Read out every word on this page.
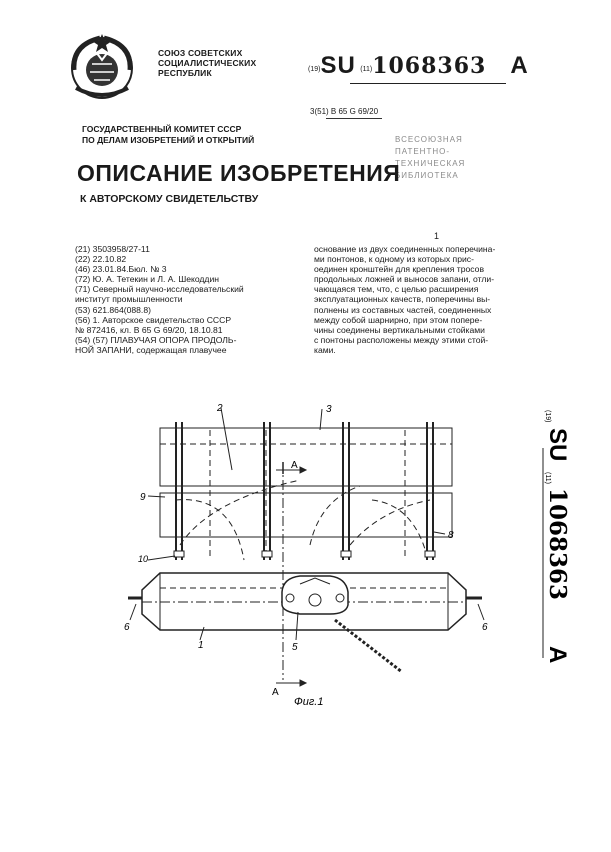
СОЮЗ СОВЕТСКИХ
СОЦИАЛИСТИЧЕСКИХ
РЕСПУБЛИК	(19)SU (11)1068363 A
3(51) B 65 G 69/20
ГОСУДАРСТВЕННЫЙ КОМИТЕТ СССР
ПО ДЕЛАМ ИЗОБРЕТЕНИЙ И ОТКРЫТИЙ	ВСЕСОЮЗНАЯ
ПАТЕНТНО-
ТЕХНИЧЕСКАЯ
БИБЛИОТЕКА
ОПИСАНИЕ ИЗОБРЕТЕНИЯ
К АВТОРСКОМУ СВИДЕТЕЛЬСТВУ
1
(21) 3503958/27-11
(22) 22.10.82
(46) 23.01.84.Бюл. № 3
(72) Ю. А. Тетекин и Л. А. Шекоддин
(71) Северный научно-исследовательский
институт промышленности
(53) 621.864(088.8)
(56) 1. Авторское свидетельство СССР
№ 872416, кл. B 65 G 69/20, 18.10.81
(54) (57) ПЛАВУЧАЯ ОПОРА ПРОДОЛЬ-
НОЙ ЗАПАНИ, содержащая плавучее
основание из двух соединенных поперечина-
ми понтонов, к одному из которых прис-
оединен кронштейн для крепления тросов
продольных ложней и выносов запани, отли-
чающаяся тем, что, с целью расширения
эксплуатационных качеств, поперечины вы-
полнены из составных частей, соединенных
между собой шарнирно, при этом попере-
чины соединены вертикальными стойками
с понтоны расположены между этими стой-
ками.
А
А
1
2	3
5
6	6
8
9
10
Фиг.1
(19)
SU
(11)
1068363
A
